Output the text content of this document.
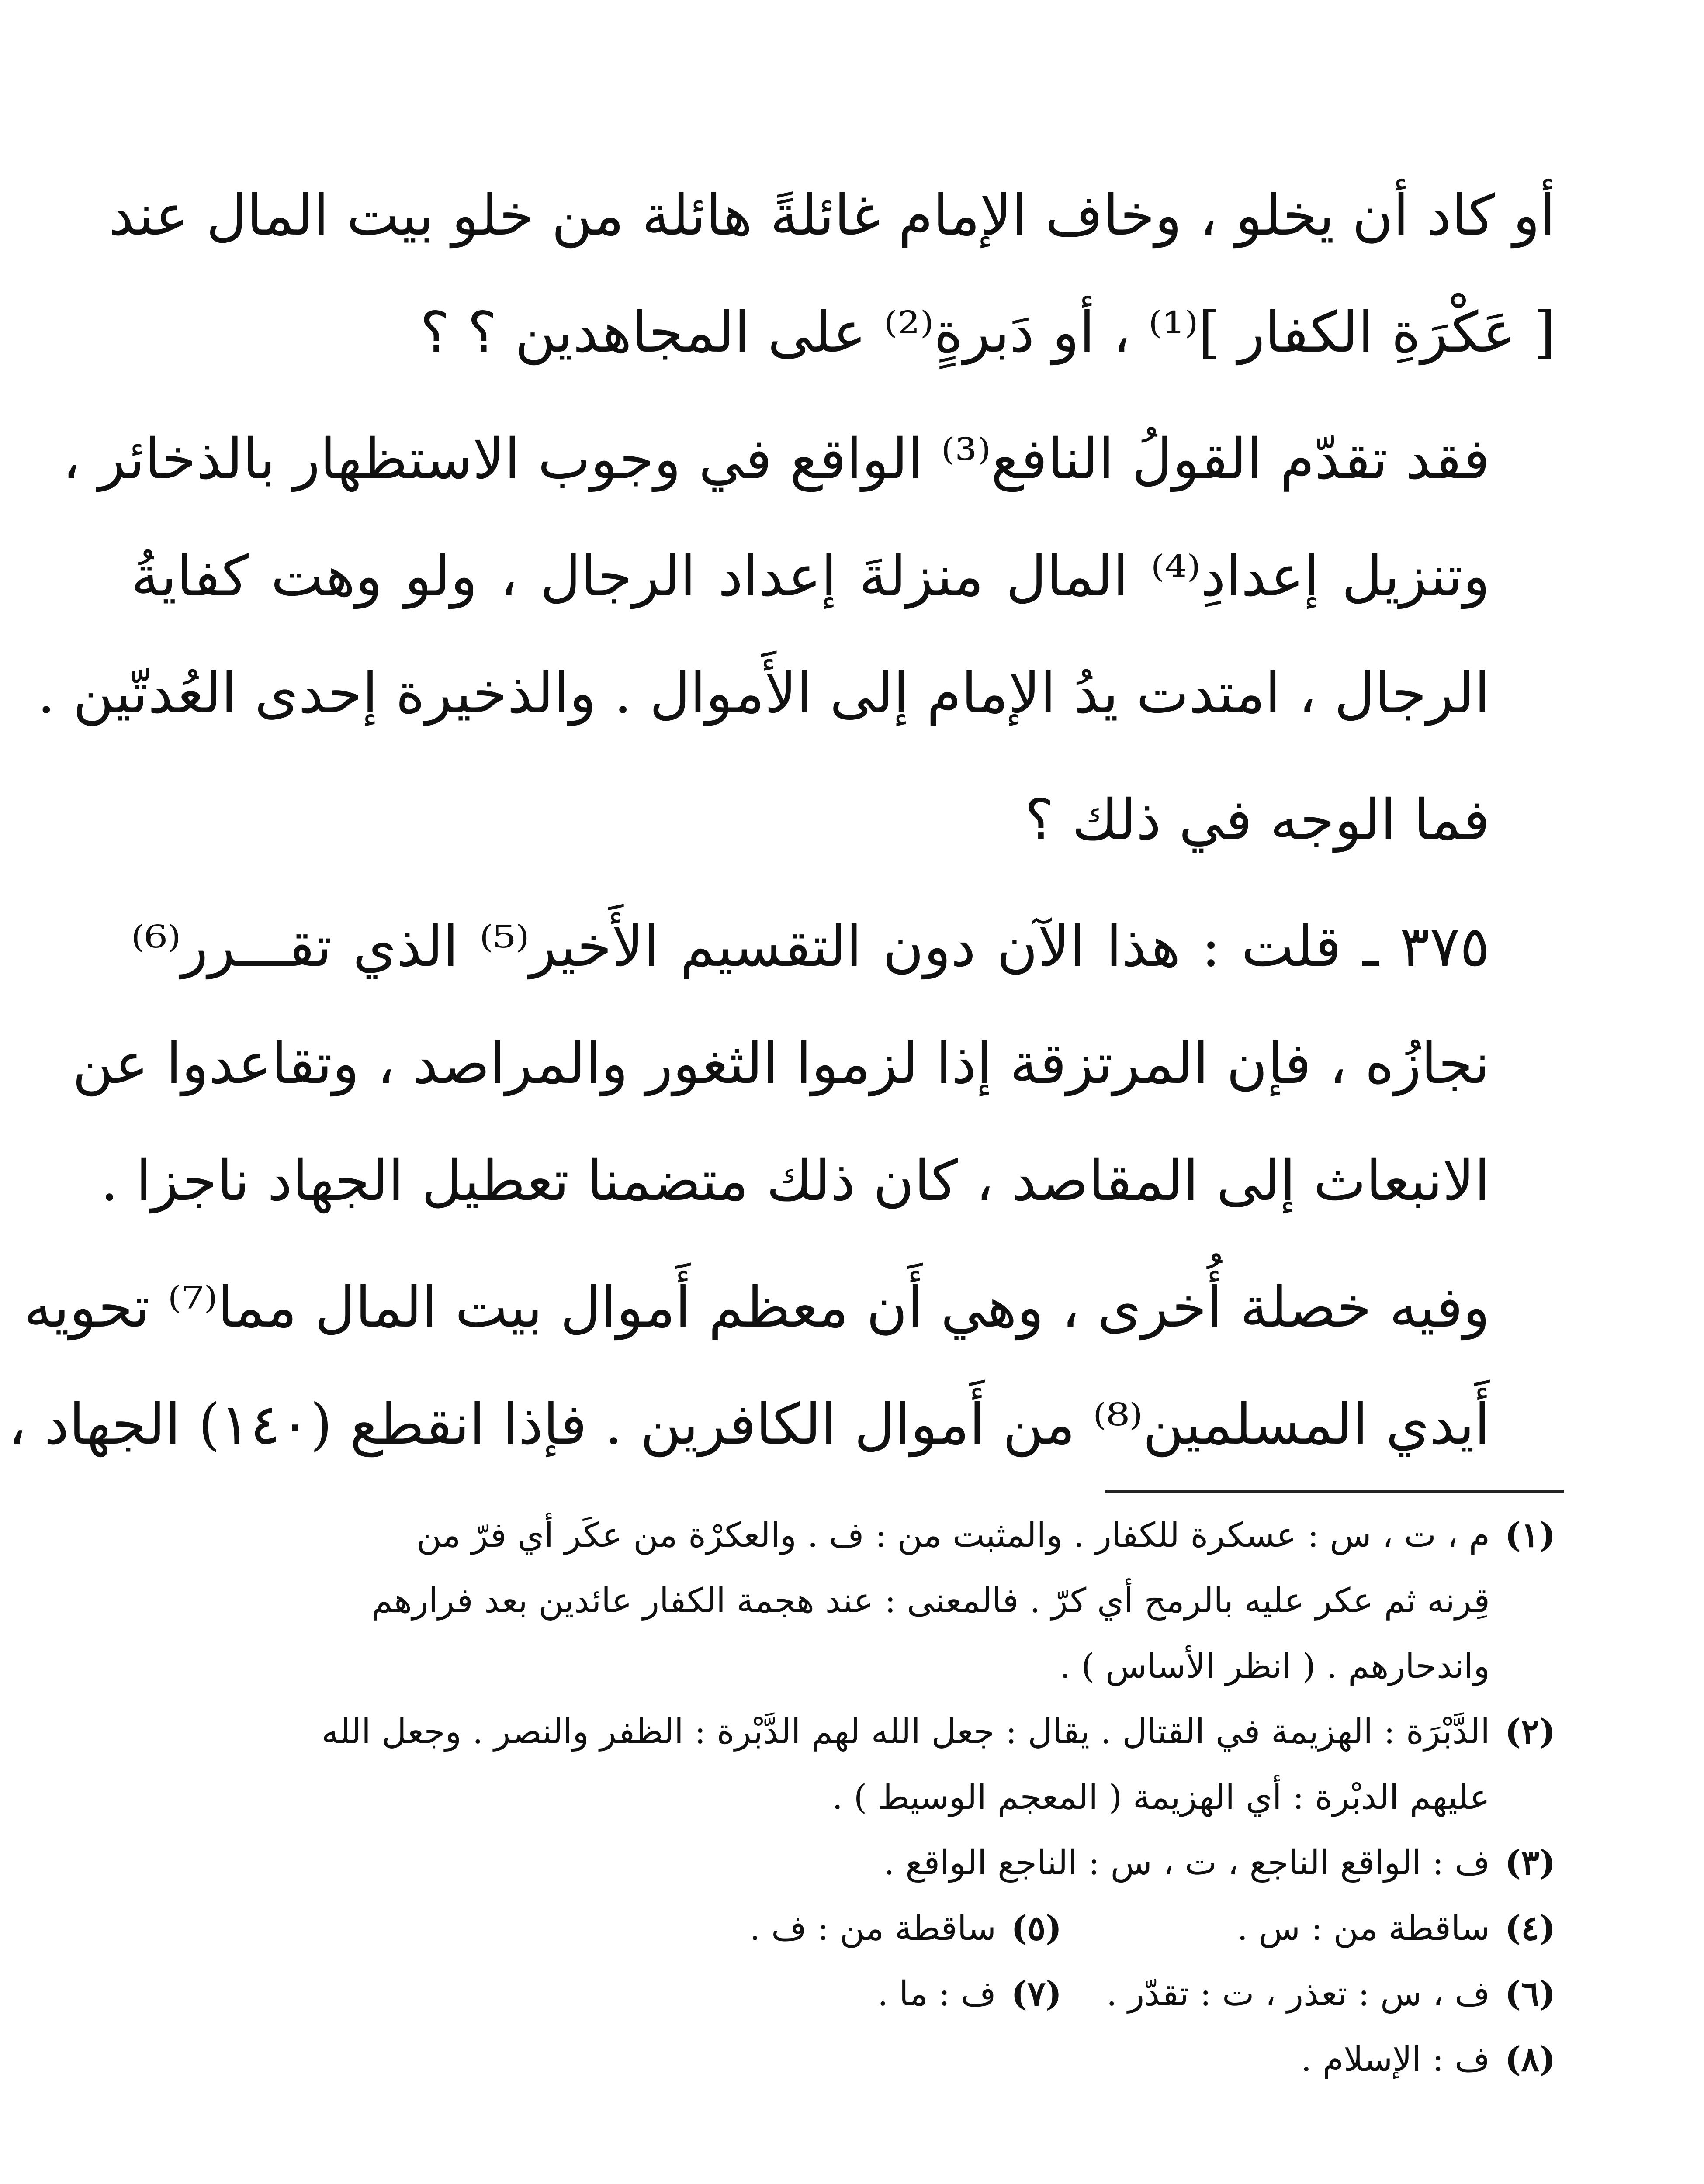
أو كاد أن يخلو ، وخاف الإمام غائلةً هائلة من خلو بيت المال عند
[ عَكْرَةِ الكفار ]⁽¹⁾ ، أو دَبرةٍ⁽²⁾ على المجاهدين ؟ ؟

فقد تقدّم القولُ النافع⁽³⁾ الواقع في وجوب الاستظهار بالذخائر ،
وتنزيل إعدادِ⁽⁴⁾ المال منزلةَ إعداد الرجال ، ولو وهت كفايةُ
الرجال ، امتدت يدُ الإمام إلى الأَموال . والذخيرة إحدى العُدتّين .

فما الوجه في ذلك ؟

٣٧٥ ـ قلت : هذا الآن دون التقسيم الأَخير⁽⁵⁾ الذي تقـــرر⁽⁶⁾
نجازُه ، فإن المرتزقة إذا لزموا الثغور والمراصد ، وتقاعدوا عن
الانبعاث إلى المقاصد ، كان ذلك متضمنا تعطيل الجهاد ناجزا .

وفيه خصلة أُخرى ، وهي أَن معظم أَموال بيت المال مما⁽⁷⁾ تحويه
أَيدي المسلمين⁽⁸⁾ من أَموال الكافرين . فإذا انقطع (١٤٠) الجهاد ،

(١)م ، ت ، س : عسكرة للكفار . والمثبت من : ف . والعكرْة من عكَر أي فرّ من
قِرنه ثم عكر عليه بالرمح أي كرّ . فالمعنى : عند هجمة الكفار عائدين بعد فرارهم
واندحارهم . ( انظر الأساس ) .
(٢)الدَّبْرَة : الهزيمة في القتال . يقال : جعل الله لهم الدَّبْرة : الظفر والنصر . وجعل الله
عليهم الدبْرة : أي الهزيمة ( المعجم الوسيط ) .
(٣)ف : الواقع الناجع ، ت ، س : الناجع الواقع .
(٤)ساقطة من : س .(٥)ساقطة من : ف .
(٦)ف ، س : تعذر ، ت : تقدّر .(٧)ف : ما .
(٨)ف : الإسلام .
